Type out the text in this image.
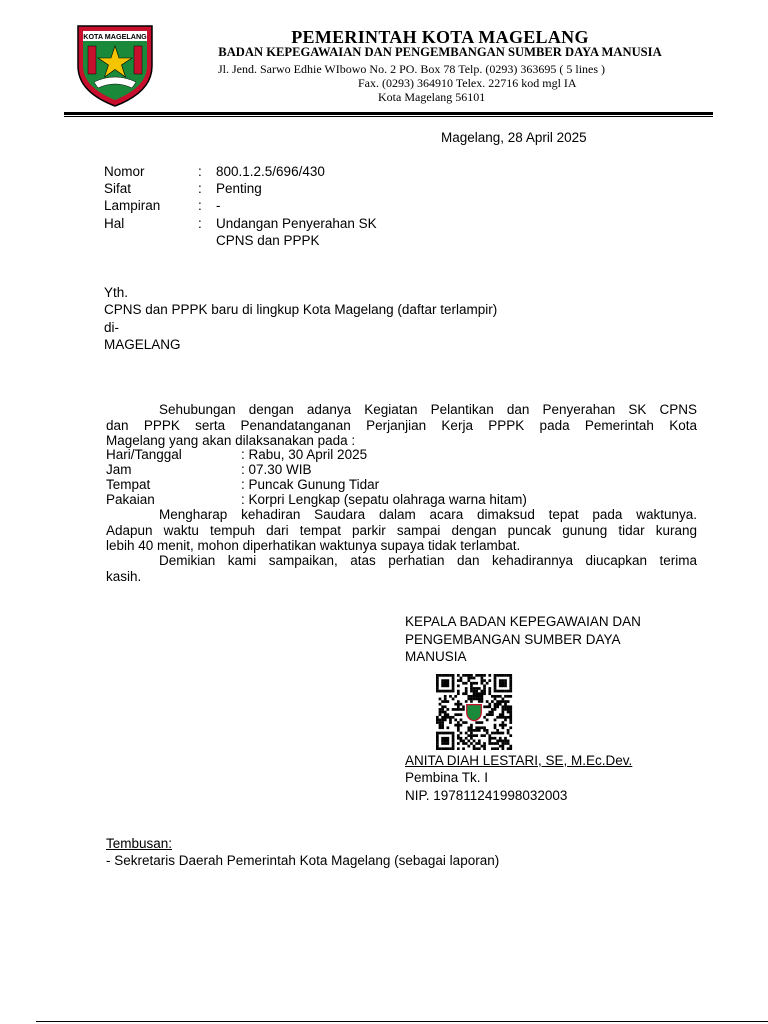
KOTA MAGELANG	PEMERINTAH KOTA MAGELANG
BADAN KEPEGAWAIAN DAN PENGEMBANGAN SUMBER DAYA MANUSIA
Jl. Jend. Sarwo Edhie WIbowo No. 2 PO. Box 78 Telp. (0293) 363695 ( 5 lines )
Fax. (0293) 364910 Telex. 22716 kod mgl IA
Kota Magelang 56101
Magelang, 28 April 2025
Nomor	: 800.1.2.5/696/430
Sifat	: Penting
Lampiran	: -
Hal	: Undangan Penyerahan SK
CPNS dan PPPK
Yth.
CPNS dan PPPK baru di lingkup Kota Magelang (daftar terlampir)
di-
MAGELANG
Sehubungan dengan adanya Kegiatan Pelantikan dan Penyerahan SK CPNS
dan PPPK serta Penandatanganan Perjanjian Kerja PPPK pada Pemerintah Kota
Magelang yang akan dilaksanakan pada :
Hari/Tanggal	: Rabu, 30 April 2025
Jam	: 07.30 WIB
Tempat	: Puncak Gunung Tidar
Pakaian	: Korpri Lengkap (sepatu olahraga warna hitam)
Mengharap kehadiran Saudara dalam acara dimaksud tepat pada waktunya.
Adapun waktu tempuh dari tempat parkir sampai dengan puncak gunung tidar kurang
lebih 40 menit, mohon diperhatikan waktunya supaya tidak terlambat.
Demikian kami sampaikan, atas perhatian dan kehadirannya diucapkan terima
kasih.
KEPALA BADAN KEPEGAWAIAN DAN
PENGEMBANGAN SUMBER DAYA
MANUSIA
ANITA DIAH LESTARI, SE, M.Ec.Dev.
Pembina Tk. I
NIP. 197811241998032003
Tembusan:
- Sekretaris Daerah Pemerintah Kota Magelang (sebagai laporan)
